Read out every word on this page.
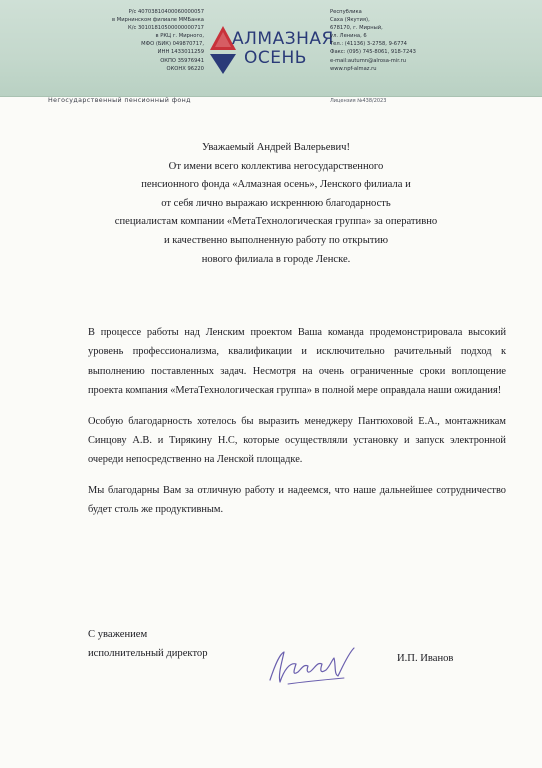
Р/с 40703810400060000057
в Мирнинском филиале ММБанка
К/с 30101810500000000717
в РКЦ г. Мирного,
МФО (БИК) 049870717,
ИНН 1433011259
ОКПО 35976941
ОКОНХ 96220
АЛМАЗНАЯ
ОСЕНЬ
Республика
Саха (Якутия),
678170, г. Мирный,
ул. Ленина, 6
Тел.: (41136) 3-2758, 9-6774
Факс: (095) 745-8061, 918-7243
e-mail:autumn@alrosa-mir.ru
www.npf-almaz.ru
Негосударственный пенсионный фонд	Лицензия №438/2023
Уважаемый Андрей Валерьевич!
От имени всего коллектива негосударственного
пенсионного фонда «Алмазная осень», Ленского филиала и
от себя лично выражаю искреннюю благодарность
специалистам компании «МетаТехнологическая группа» за оперативно
и качественно выполненную работу по открытию
нового филиала в городе Ленске.

В процессе работы над Ленским проектом Ваша команда продемонстрировала высокий уровень профессионализма, квалификации и исключительно рачительный подход к выполнению поставленных задач. Несмотря на очень ограниченные сроки воплощение проекта компания «МетаТехнологическая группа» в полной мере оправдала наши ожидания!

Особую благодарность хотелось бы выразить менеджеру Пантюховой Е.А., монтажникам Синцову А.В. и Тирякину Н.С, которые осуществляли установку и запуск электронной очереди непосредственно на Ленской площадке.

Мы благодарны Вам за отличную работу и надеемся, что наше дальнейшее сотрудничество будет столь же продуктивным.

С уважением
исполнительный директор	И.П. Иванов
